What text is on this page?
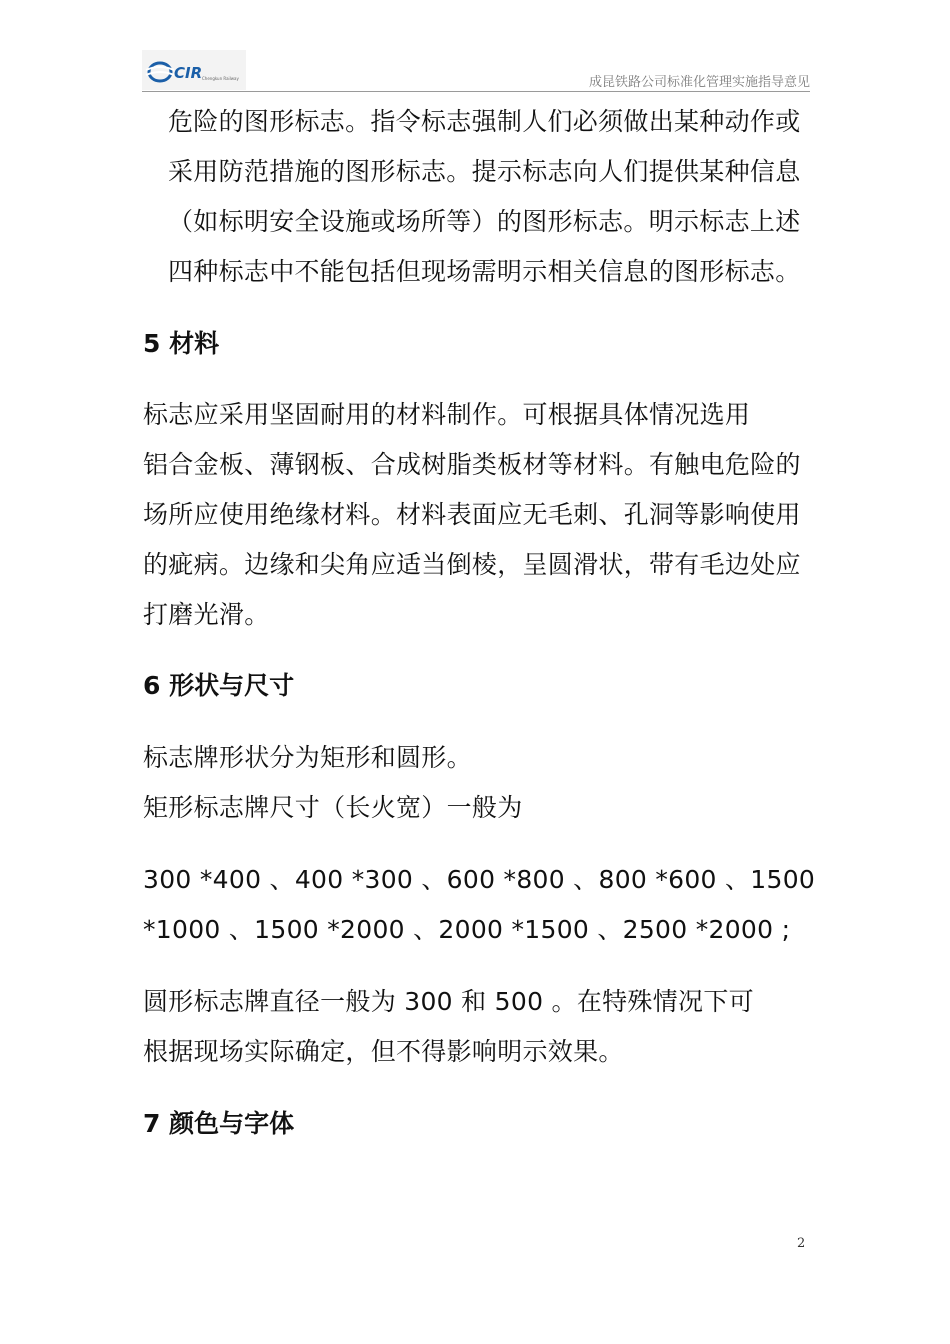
CIR Chengkun Railway	成昆铁路公司标准化管理实施指导意见
危险的图形标志。指令标志强制人们必须做出某种动作或
采用防范措施的图形标志。提示标志向人们提供某种信息
（如标明安全设施或场所等）的图形标志。明示标志上述
四种标志中不能包括但现场需明示相关信息的图形标志。
5 材料
标志应采用坚固耐用的材料制作。可根据具体情况选用
铝合金板、薄钢板、合成树脂类板材等材料。有触电危险的
场所应使用绝缘材料。材料表面应无毛刺、孔洞等影响使用
的疵病。边缘和尖角应适当倒棱，呈圆滑状，带有毛边处应
打磨光滑。
6 形状与尺寸
标志牌形状分为矩形和圆形。
矩形标志牌尺寸（长火宽）一般为
300 *400 、400 *300 、600 *800 、800 *600 、1500
*1000 、1500 *2000 、2000 *1500 、2500 *2000 ;
圆形标志牌直径一般为 300 和 500 。在特殊情况下可
根据现场实际确定，但不得影响明示效果。
7 颜色与字体
2
